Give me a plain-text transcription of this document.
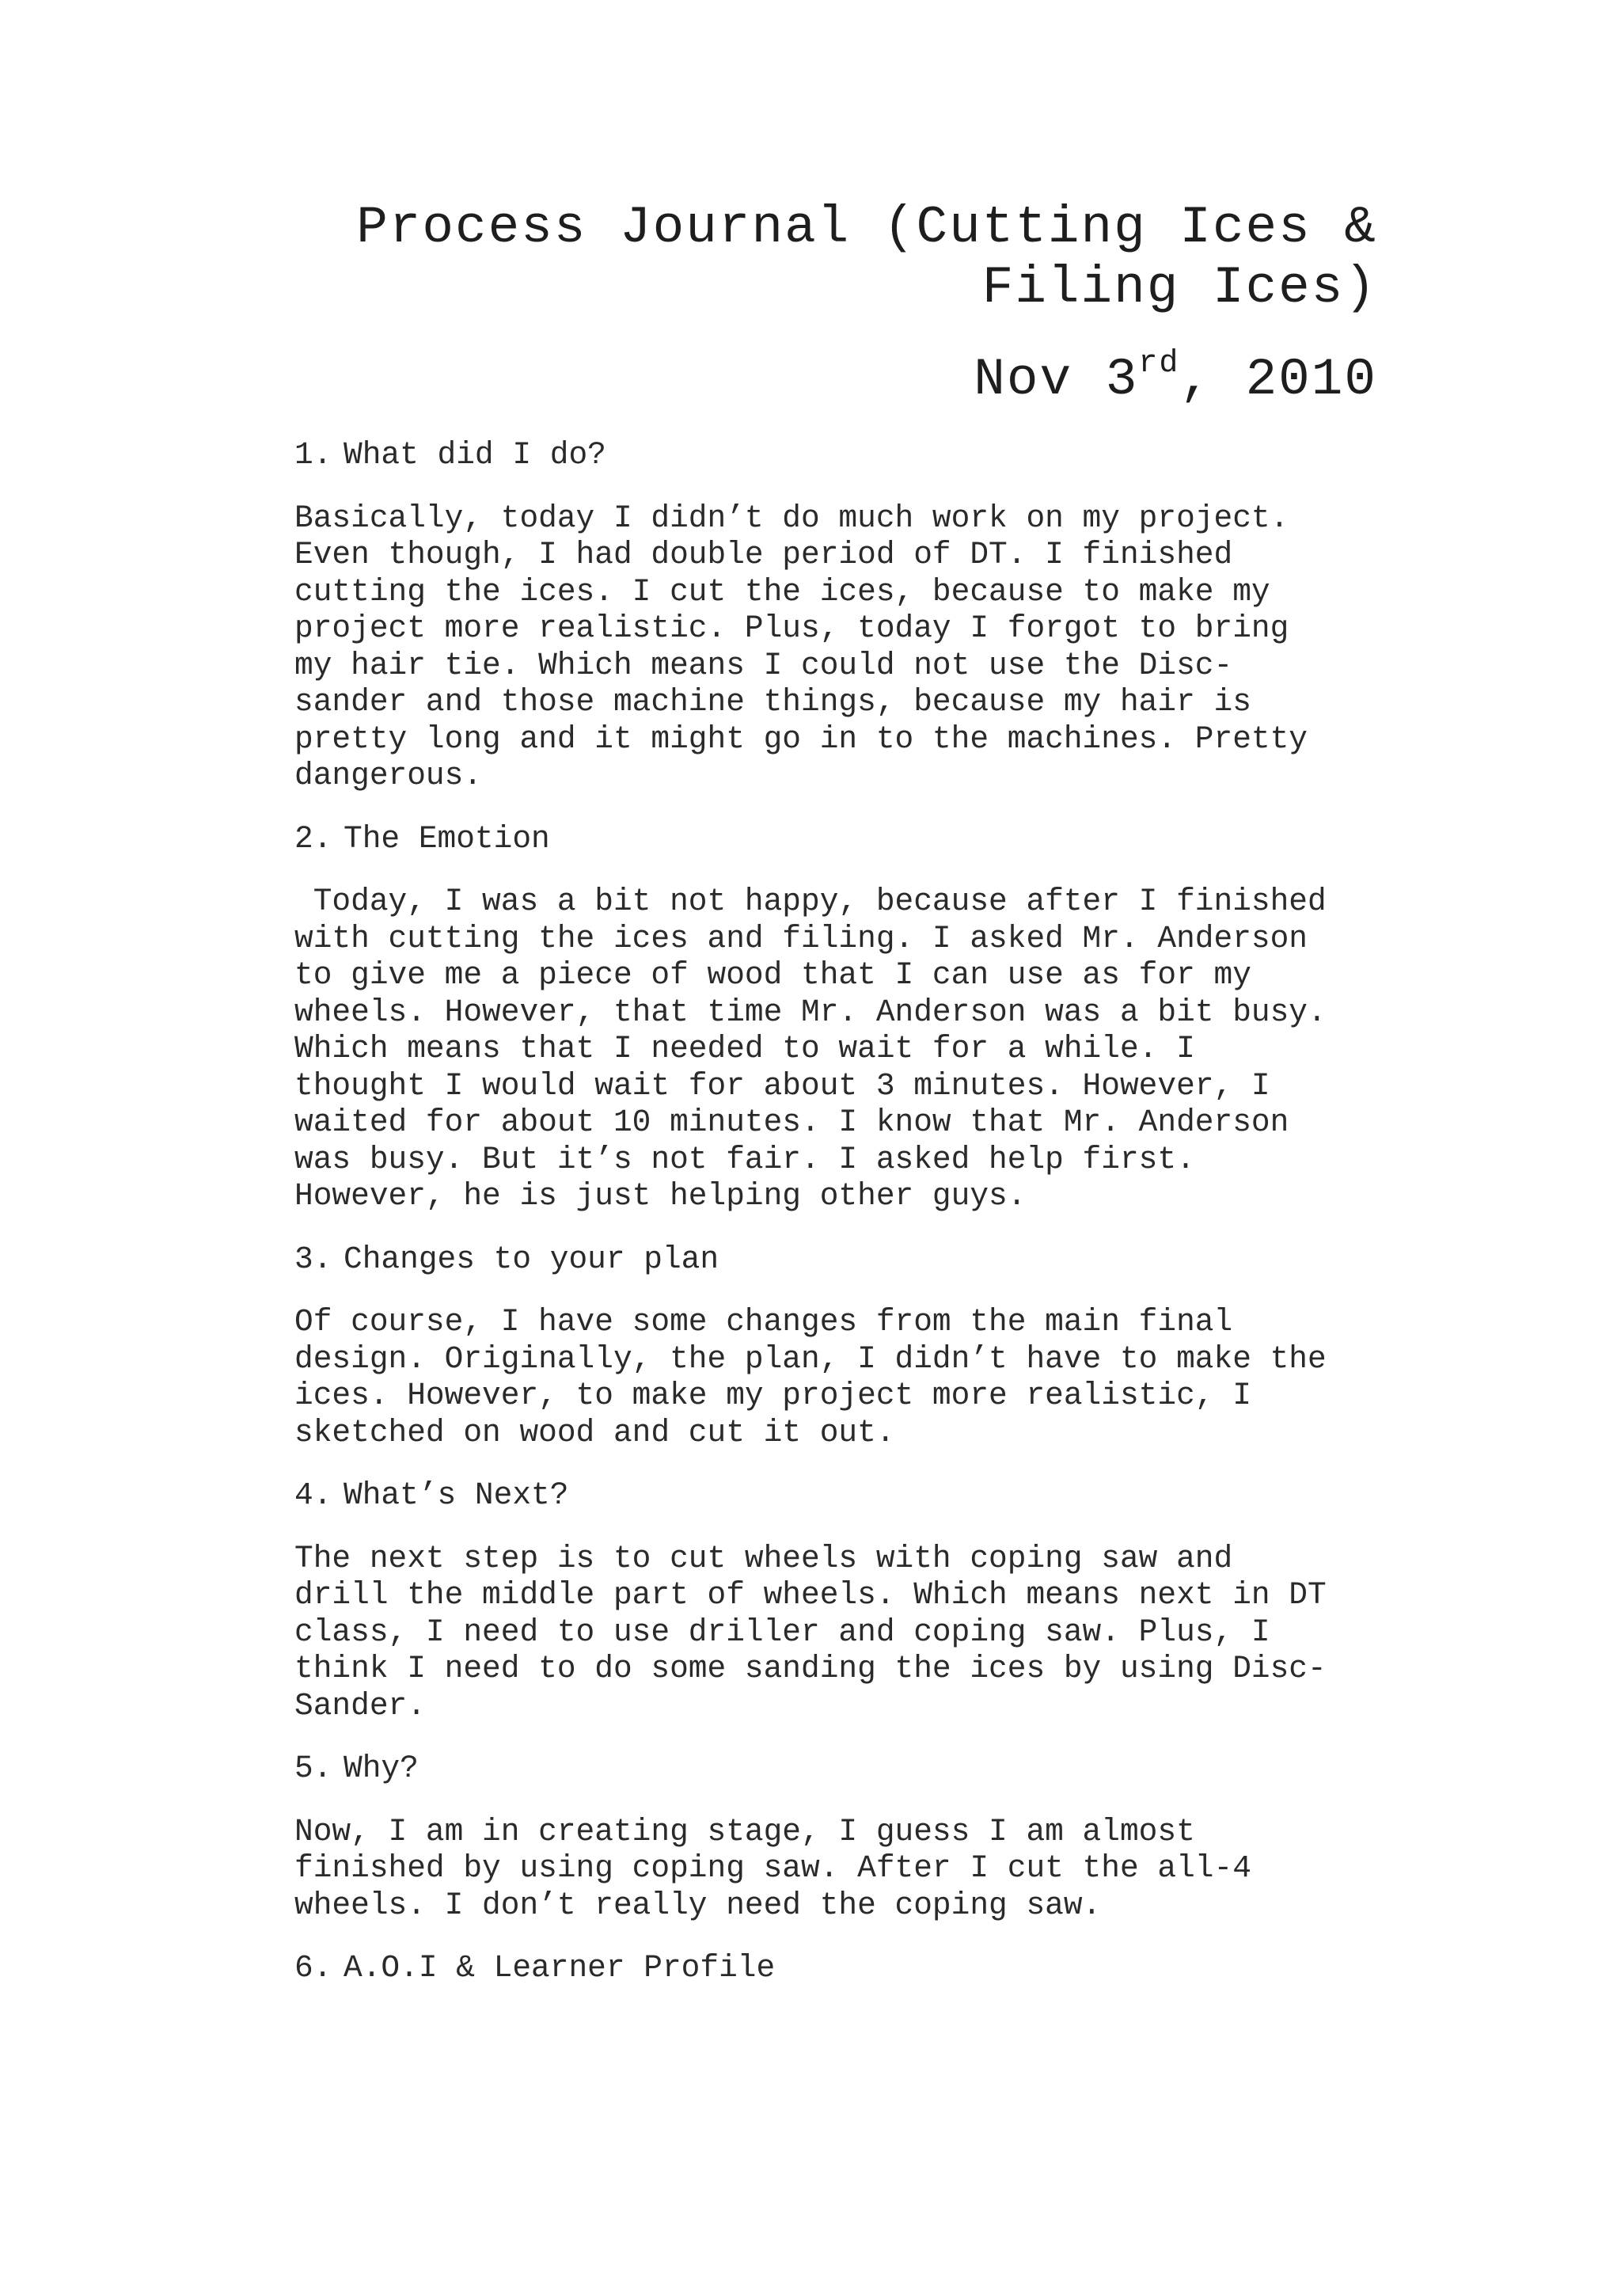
Process Journal (Cutting Ices &
Filing Ices)
Nov 3rd, 2010
1. What did I do?
Basically, today I didn’t do much work on my project.
Even though, I had double period of DT. I finished
cutting the ices. I cut the ices, because to make my
project more realistic. Plus, today I forgot to bring
my hair tie. Which means I could not use the Disc-
sander and those machine things, because my hair is
pretty long and it might go in to the machines. Pretty
dangerous.
2. The Emotion
Today, I was a bit not happy, because after I finished
with cutting the ices and filing. I asked Mr. Anderson
to give me a piece of wood that I can use as for my
wheels. However, that time Mr. Anderson was a bit busy.
Which means that I needed to wait for a while. I
thought I would wait for about 3 minutes. However, I
waited for about 10 minutes. I know that Mr. Anderson
was busy. But it’s not fair. I asked help first.
However, he is just helping other guys.
3. Changes to your plan
Of course, I have some changes from the main final
design. Originally, the plan, I didn’t have to make the
ices. However, to make my project more realistic, I
sketched on wood and cut it out.
4. What’s Next?
The next step is to cut wheels with coping saw and
drill the middle part of wheels. Which means next in DT
class, I need to use driller and coping saw. Plus, I
think I need to do some sanding the ices by using Disc-
Sander.
5. Why?
Now, I am in creating stage, I guess I am almost
finished by using coping saw. After I cut the all-4
wheels. I don’t really need the coping saw.
6. A.O.I & Learner Profile
